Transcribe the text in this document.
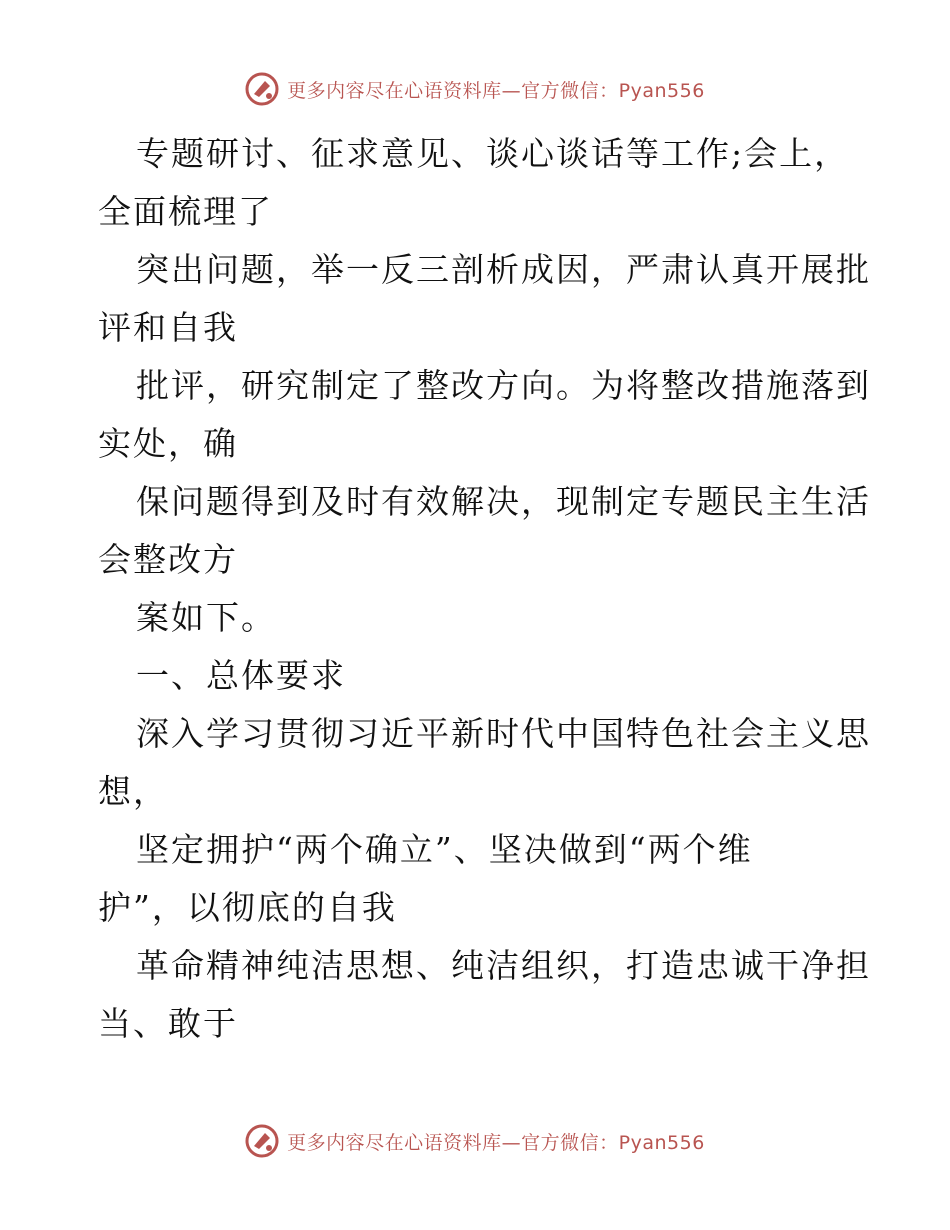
更多内容尽在心语资料库—官方微信：Pyan556
专题研讨、征求意见、谈心谈话等工作;会上，
全面梳理了
突出问题，举一反三剖析成因，严肃认真开展批
评和自我
批评，研究制定了整改方向。为将整改措施落到
实处，确
保问题得到及时有效解决，现制定专题民主生活
会整改方
案如下。
一、总体要求
深入学习贯彻习近平新时代中国特色社会主义思
想，
坚定拥护“两个确立”、坚决做到“两个维
护”，以彻底的自我
革命精神纯洁思想、纯洁组织，打造忠诚干净担
当、敢于
更多内容尽在心语资料库—官方微信：Pyan556
